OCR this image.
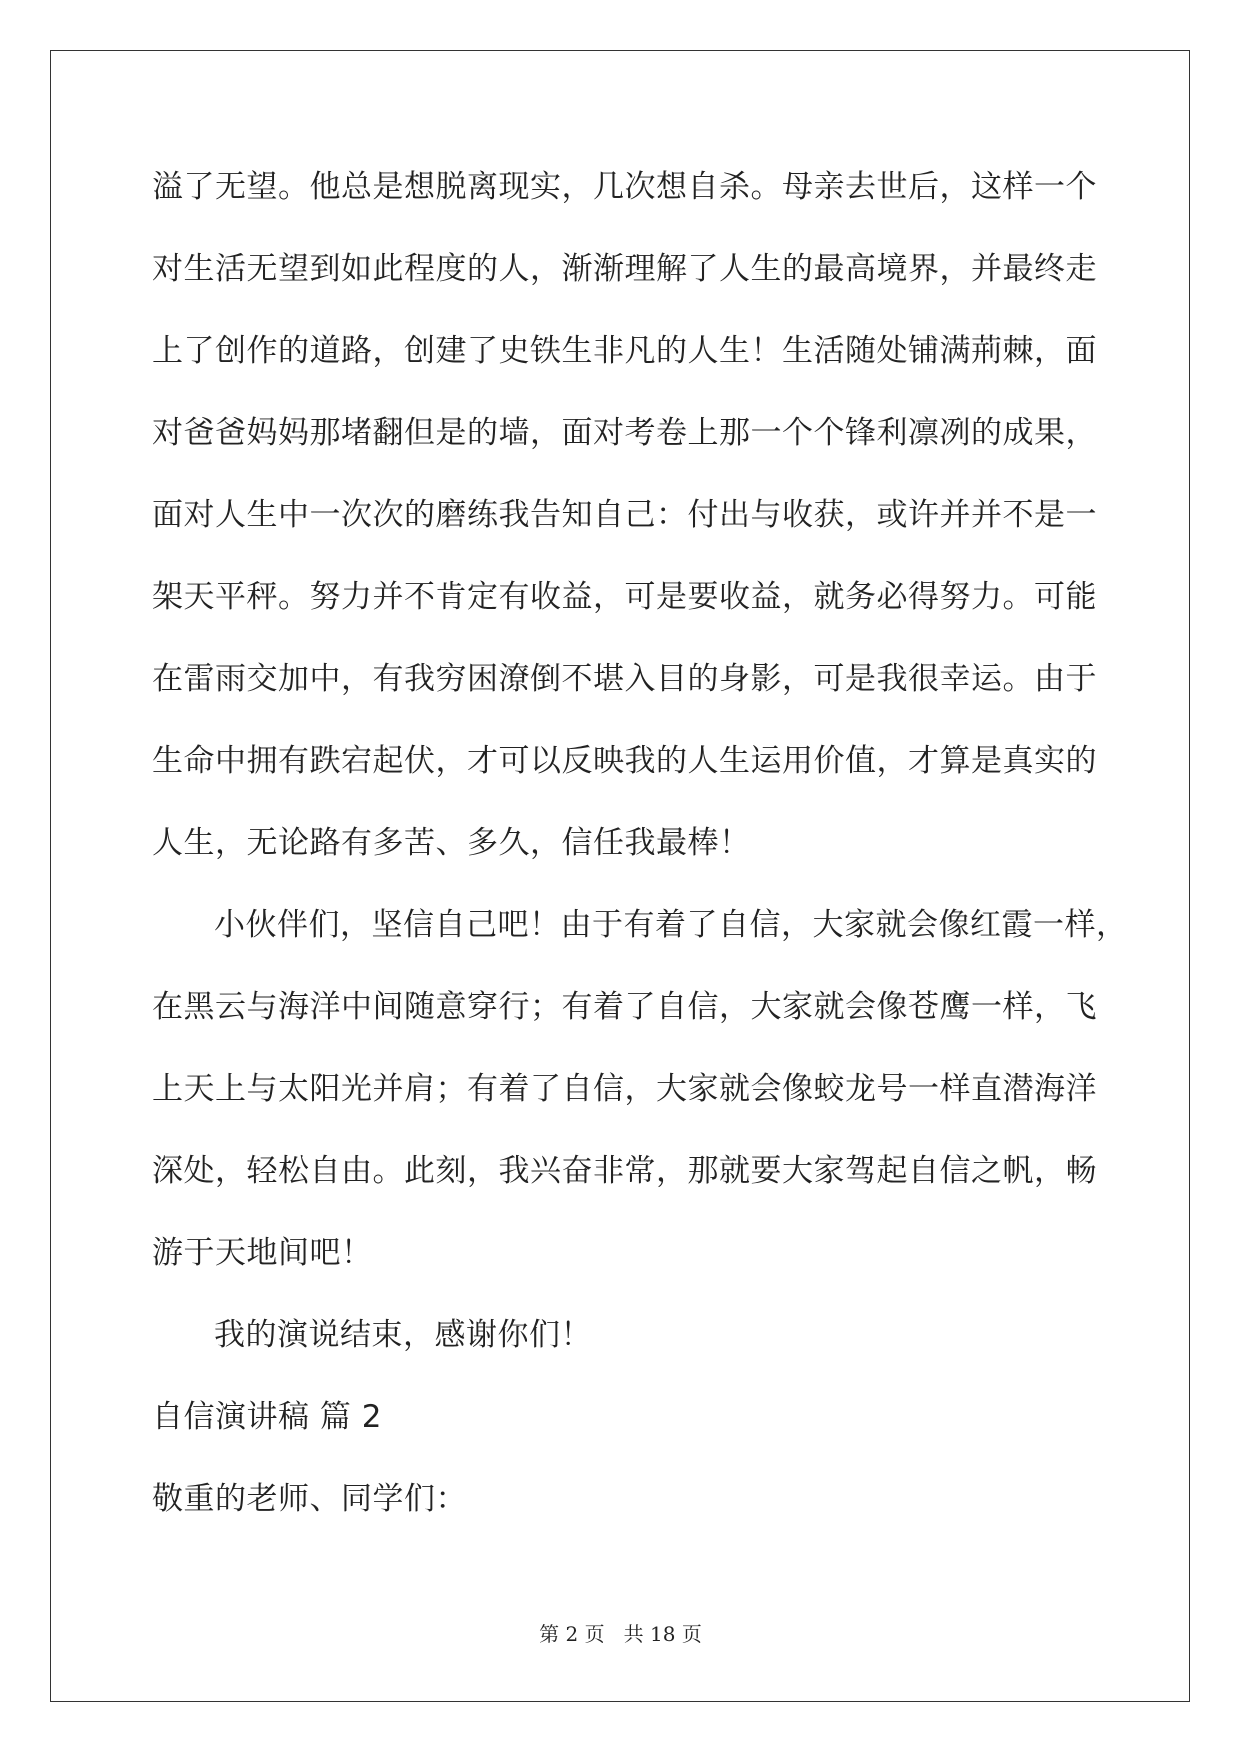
溢了无望。他总是想脱离现实，几次想自杀。母亲去世后，这样一个
对生活无望到如此程度的人，渐渐理解了人生的最高境界，并最终走
上了创作的道路，创建了史铁生非凡的人生！生活随处铺满荊棘，面
对爸爸妈妈那堵翻但是的墙，面对考卷上那一个个锋利凛冽的成果，
面对人生中一次次的磨练我告知自己：付出与收获，或许并并不是一
架天平秤。努力并不肯定有收益，可是要收益，就务必得努力。可能
在雷雨交加中，有我穷困潦倒不堪入目的身影，可是我很幸运。由于
生命中拥有跌宕起伏，才可以反映我的人生运用价值，才算是真实的
人生，无论路有多苦、多久，信任我最棒！
小伙伴们，坚信自己吧！由于有着了自信，大家就会像红霞一样，
在黑云与海洋中间随意穿行；有着了自信，大家就会像苍鹰一样，飞
上天上与太阳光并肩；有着了自信，大家就会像蛟龙号一样直潜海洋
深处，轻松自由。此刻，我兴奋非常，那就要大家驾起自信之帆，畅
游于天地间吧！
我的演说结束，感谢你们！
自信演讲稿 篇 2
敬重的老师、同学们：
第 2 页 共 18 页
